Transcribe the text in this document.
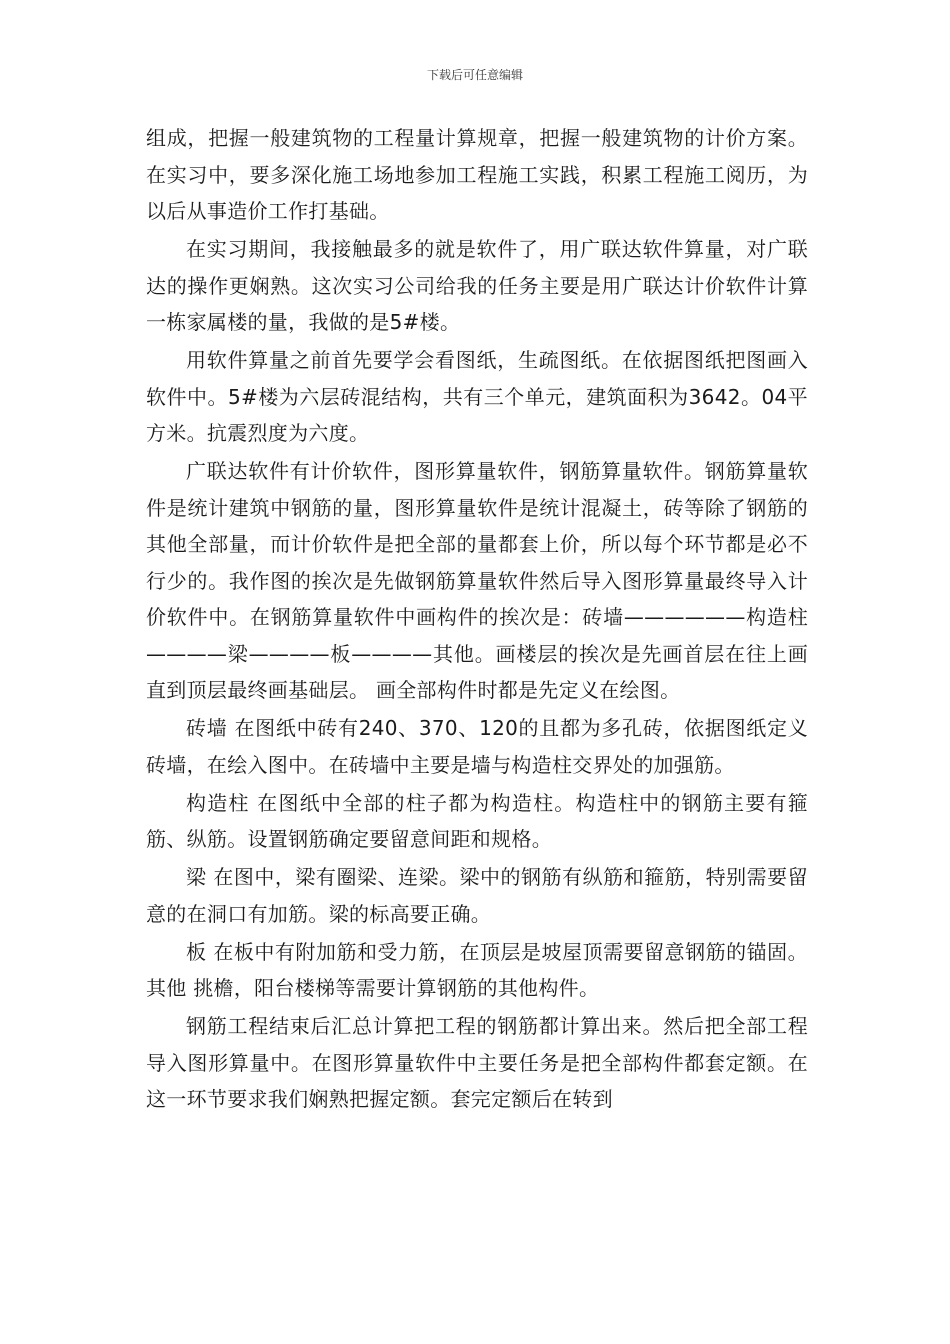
下载后可任意编辑

组成，把握一般建筑物的工程量计算规章，把握一般建筑物的计价方案。在实习中，要多深化施工场地参加工程施工实践，积累工程施工阅历，为以后从事造价工作打基础。

在实习期间，我接触最多的就是软件了，用广联达软件算量，对广联达的操作更娴熟。这次实习公司给我的任务主要是用广联达计价软件计算一栋家属楼的量，我做的是5#楼。

用软件算量之前首先要学会看图纸，生疏图纸。在依据图纸把图画入软件中。5#楼为六层砖混结构，共有三个单元，建筑面积为3642。04平方米。抗震烈度为六度。

广联达软件有计价软件，图形算量软件，钢筋算量软件。钢筋算量软件是统计建筑中钢筋的量，图形算量软件是统计混凝土，砖等除了钢筋的其他全部量，而计价软件是把全部的量都套上价，所以每个环节都是必不行少的。我作图的挨次是先做钢筋算量软件然后导入图形算量最终导入计价软件中。在钢筋算量软件中画构件的挨次是：砖墙——————构造柱————梁————板————其他。画楼层的挨次是先画首层在往上画直到顶层最终画基础层。 画全部构件时都是先定义在绘图。

砖墙 在图纸中砖有240、370、120的且都为多孔砖，依据图纸定义砖墙，在绘入图中。在砖墙中主要是墙与构造柱交界处的加强筋。

构造柱 在图纸中全部的柱子都为构造柱。构造柱中的钢筋主要有箍筋、纵筋。设置钢筋确定要留意间距和规格。

梁 在图中，梁有圈梁、连梁。梁中的钢筋有纵筋和箍筋，特别需要留意的在洞口有加筋。梁的标高要正确。

板 在板中有附加筋和受力筋，在顶层是坡屋顶需要留意钢筋的锚固。 其他 挑檐，阳台楼梯等需要计算钢筋的其他构件。

钢筋工程结束后汇总计算把工程的钢筋都计算出来。然后把全部工程导入图形算量中。在图形算量软件中主要任务是把全部构件都套定额。在这一环节要求我们娴熟把握定额。套完定额后在转到
